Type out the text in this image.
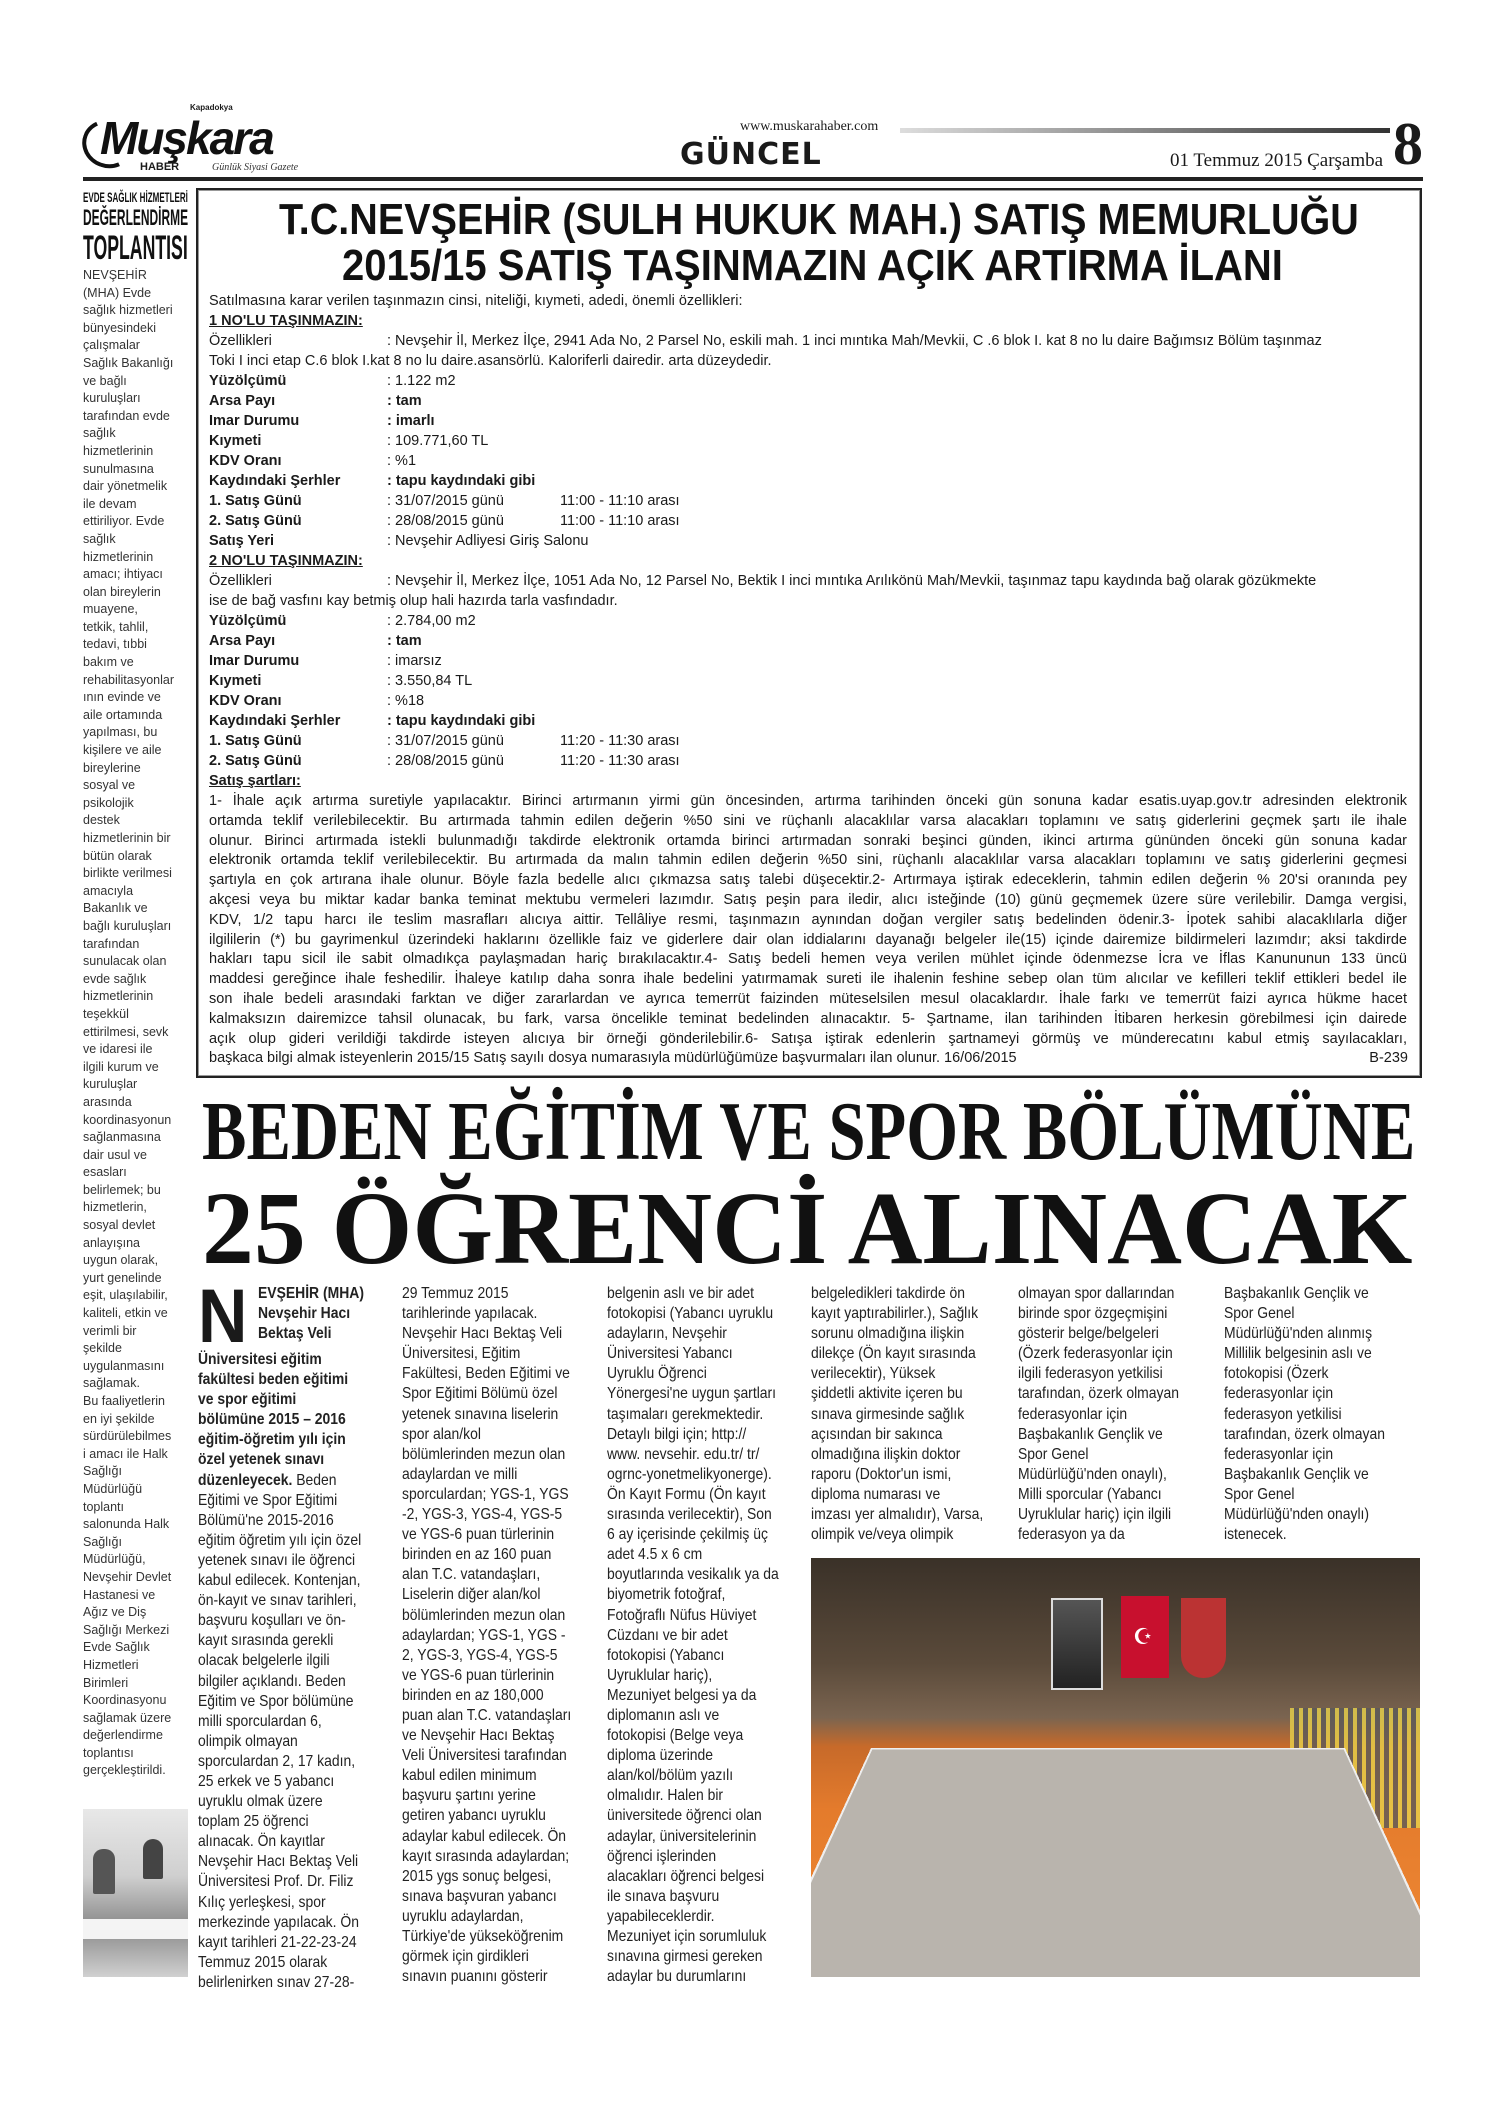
Kapadokya
Muşkara
HABER	Günlük Siyasi Gazete
www.muskarahaber.com
GÜNCEL	01 Temmuz 2015 Çarşamba 8
EVDE SAĞLIK HİZMETLERİ
DEĞERLENDİRME
TOPLANTISI
NEVŞEHİR
(MHA) Evde
sağlık hizmetleri
bünyesindeki
çalışmalar
Sağlık Bakanlığı
ve bağlı
kuruluşları
tarafından evde
sağlık
hizmetlerinin
sunulmasına
dair yönetmelik
ile devam
ettiriliyor. Evde
sağlık
hizmetlerinin
amacı; ihtiyacı
olan bireylerin
muayene,
tetkik, tahlil,
tedavi, tıbbi
bakım ve
rehabilitasyonlar
ının evinde ve
aile ortamında
yapılması, bu
kişilere ve aile
bireylerine
sosyal ve
psikolojik
destek
hizmetlerinin bir
bütün olarak
birlikte verilmesi
amacıyla
Bakanlık ve
bağlı kuruluşları
tarafından
sunulacak olan
evde sağlık
hizmetlerinin
teşekkül
ettirilmesi, sevk
ve idaresi ile
ilgili kurum ve
kuruluşlar
arasında
koordinasyonun
sağlanmasına
dair usul ve
esasları
belirlemek; bu
hizmetlerin,
sosyal devlet
anlayışına
uygun olarak,
yurt genelinde
eşit, ulaşılabilir,
kaliteli, etkin ve
verimli bir
şekilde
uygulanmasını
sağlamak.
Bu faaliyetlerin
en iyi şekilde
sürdürülebilmes
i amacı ile Halk
Sağlığı
Müdürlüğü
toplantı
salonunda Halk
Sağlığı
Müdürlüğü,
Nevşehir Devlet
Hastanesi ve
Ağız ve Diş
Sağlığı Merkezi
Evde Sağlık
Hizmetleri
Birimleri
Koordinasyonu
sağlamak üzere
değerlendirme
toplantısı
gerçekleştirildi.
T.C.NEVŞEHİR (SULH HUKUK MAH.) SATIŞ MEMURLUĞU
2015/15 SATIŞ TAŞINMAZIN AÇIK ARTIRMA İLANI
Satılmasına karar verilen taşınmazın cinsi, niteliği, kıymeti, adedi, önemli özellikleri:
1 NO'LU TAŞINMAZIN:
Özellikleri	: Nevşehir İl, Merkez İlçe, 2941 Ada No, 2 Parsel No, eskili mah. 1 inci mıntıka Mah/Mevkii, C .6 blok I. kat 8 no lu daire Bağımsız Bölüm taşınmaz
Toki I inci etap C.6 blok I.kat 8 no lu daire.asansörlü. Kaloriferli dairedir. arta düzeydedir.
Yüzölçümü	: 1.122 m2
Arsa Payı	: tam
Imar Durumu	: imarlı
Kıymeti	: 109.771,60 TL
KDV Oranı	: %1
Kaydındaki Şerhler	: tapu kaydındaki gibi
1. Satış Günü	: 31/07/2015 günü	11:00 - 11:10 arası
2. Satış Günü	: 28/08/2015 günü	11:00 - 11:10 arası
Satış Yeri	: Nevşehir Adliyesi Giriş Salonu
2 NO'LU TAŞINMAZIN:
Özellikleri	: Nevşehir İl, Merkez İlçe, 1051 Ada No, 12 Parsel No, Bektik I inci mıntıka Arılıkönü Mah/Mevkii, taşınmaz tapu kaydında bağ olarak gözükmekte
ise de bağ vasfını kay betmiş olup hali hazırda tarla vasfındadır.
Yüzölçümü	: 2.784,00 m2
Arsa Payı	: tam
Imar Durumu	: imarsız
Kıymeti	: 3.550,84 TL
KDV Oranı	: %18
Kaydındaki Şerhler	: tapu kaydındaki gibi
1. Satış Günü	: 31/07/2015 günü	11:20 - 11:30 arası
2. Satış Günü	: 28/08/2015 günü	11:20 - 11:30 arası
Satış şartları:
1- İhale açık artırma suretiyle yapılacaktır. Birinci artırmanın yirmi gün öncesinden, artırma tarihinden önceki gün sonuna kadar esatis.uyap.gov.tr adresinden elektronik
ortamda teklif verilebilecektir. Bu artırmada tahmin edilen değerin %50 sini ve rüçhanlı alacaklılar varsa alacakları toplamını ve satış giderlerini geçmek şartı ile ihale
olunur. Birinci artırmada istekli bulunmadığı takdirde elektronik ortamda birinci artırmadan sonraki beşinci günden, ikinci artırma gününden önceki gün sonuna kadar
elektronik ortamda teklif verilebilecektir. Bu artırmada da malın tahmin edilen değerin %50 sini, rüçhanlı alacaklılar varsa alacakları toplamını ve satış giderlerini geçmesi
şartıyla en çok artırana ihale olunur. Böyle fazla bedelle alıcı çıkmazsa satış talebi düşecektir.2- Artırmaya iştirak edeceklerin, tahmin edilen değerin % 20'si oranında pey
akçesi veya bu miktar kadar banka teminat mektubu vermeleri lazımdır. Satış peşin para iledir, alıcı isteğinde (10) günü geçmemek üzere süre verilebilir. Damga vergisi,
KDV, 1/2 tapu harcı ile teslim masrafları alıcıya aittir. Tellâliye resmi, taşınmazın aynından doğan vergiler satış bedelinden ödenir.3- İpotek sahibi alacaklılarla diğer
ilgililerin (*) bu gayrimenkul üzerindeki haklarını özellikle faiz ve giderlere dair olan iddialarını dayanağı belgeler ile(15) içinde dairemize bildirmeleri lazımdır; aksi takdirde
hakları tapu sicil ile sabit olmadıkça paylaşmadan hariç bırakılacaktır.4- Satış bedeli hemen veya verilen mühlet içinde ödenmezse İcra ve İflas Kanununun 133 üncü
maddesi gereğince ihale feshedilir. İhaleye katılıp daha sonra ihale bedelini yatırmamak sureti ile ihalenin feshine sebep olan tüm alıcılar ve kefilleri teklif ettikleri bedel ile
son ihale bedeli arasındaki farktan ve diğer zararlardan ve ayrıca temerrüt faizinden müteselsilen mesul olacaklardır. İhale farkı ve temerrüt faizi ayrıca hükme hacet
kalmaksızın dairemizce tahsil olunacak, bu fark, varsa öncelikle teminat bedelinden alınacaktır. 5- Şartname, ilan tarihinden İtibaren herkesin görebilmesi için dairede
açık olup gideri verildiği takdirde isteyen alıcıya bir örneği gönderilebilir.6- Satışa iştirak edenlerin şartnameyi görmüş ve münderecatını kabul etmiş sayılacakları,
başkaca bilgi almak isteyenlerin 2015/15 Satış sayılı dosya numarasıyla müdürlüğümüze başvurmaları ilan olunur. 16/06/2015	B-239
BEDEN EĞİTİM VE SPOR BÖLÜMÜNE
25 ÖĞRENCİ ALINACAK
N EVŞEHİR (MHA)
Nevşehir Hacı
Bektaş Veli
Üniversitesi eğitim
fakültesi beden eğitimi
ve spor eğitimi
bölümüne 2015 – 2016
eğitim-öğretim yılı için
özel yetenek sınavı
düzenleyecek. Beden
Eğitimi ve Spor Eğitimi
Bölümü'ne 2015-2016
eğitim öğretim yılı için özel
yetenek sınavı ile öğrenci
kabul edilecek. Kontenjan,
ön-kayıt ve sınav tarihleri,
başvuru koşulları ve ön-
kayıt sırasında gerekli
olacak belgelerle ilgili
bilgiler açıklandı. Beden
Eğitim ve Spor bölümüne
milli sporculardan 6,
olimpik olmayan
sporculardan 2, 17 kadın,
25 erkek ve 5 yabancı
uyruklu olmak üzere
toplam 25 öğrenci
alınacak. Ön kayıtlar
Nevşehir Hacı Bektaş Veli
Üniversitesi Prof. Dr. Filiz
Kılıç yerleşkesi, spor
merkezinde yapılacak. Ön
kayıt tarihleri 21-22-23-24
Temmuz 2015 olarak
belirlenirken sınav 27-28-
29 Temmuz 2015
tarihlerinde yapılacak.
Nevşehir Hacı Bektaş Veli
Üniversitesi, Eğitim
Fakültesi, Beden Eğitimi ve
Spor Eğitimi Bölümü özel
yetenek sınavına liselerin
spor alan/kol
bölümlerinden mezun olan
adaylardan ve milli
sporculardan; YGS-1, YGS
-2, YGS-3, YGS-4, YGS-5
ve YGS-6 puan türlerinin
birinden en az 160 puan
alan T.C. vatandaşları,
Liselerin diğer alan/kol
bölümlerinden mezun olan
adaylardan; YGS-1, YGS -
2, YGS-3, YGS-4, YGS-5
ve YGS-6 puan türlerinin
birinden en az 180,000
puan alan T.C. vatandaşları
ve Nevşehir Hacı Bektaş
Veli Üniversitesi tarafından
kabul edilen minimum
başvuru şartını yerine
getiren yabancı uyruklu
adaylar kabul edilecek. Ön
kayıt sırasında adaylardan;
2015 ygs sonuç belgesi,
sınava başvuran yabancı
uyruklu adaylardan,
Türkiye'de yükseköğrenim
görmek için girdikleri
sınavın puanını gösterir
belgenin aslı ve bir adet
fotokopisi (Yabancı uyruklu
adayların, Nevşehir
Üniversitesi Yabancı
Uyruklu Öğrenci
Yönergesi'ne uygun şartları
taşımaları gerekmektedir.
Detaylı bilgi için; http://
www. nevsehir. edu.tr/ tr/
ogrnc-yonetmelikyonerge).
Ön Kayıt Formu (Ön kayıt
sırasında verilecektir), Son
6 ay içerisinde çekilmiş üç
adet 4.5 x 6 cm
boyutlarında vesikalık ya da
biyometrik fotoğraf,
Fotoğraflı Nüfus Hüviyet
Cüzdanı ve bir adet
fotokopisi (Yabancı
Uyruklular hariç),
Mezuniyet belgesi ya da
diplomanın aslı ve
fotokopisi (Belge veya
diploma üzerinde
alan/kol/bölüm yazılı
olmalıdır. Halen bir
üniversitede öğrenci olan
adaylar, üniversitelerinin
öğrenci işlerinden
alacakları öğrenci belgesi
ile sınava başvuru
yapabileceklerdir.
Mezuniyet için sorumluluk
sınavına girmesi gereken
adaylar bu durumlarını
belgeledikleri takdirde ön
kayıt yaptırabilirler.), Sağlık
sorunu olmadığına ilişkin
dilekçe (Ön kayıt sırasında
verilecektir), Yüksek
şiddetli aktivite içeren bu
sınava girmesinde sağlık
açısından bir sakınca
olmadığına ilişkin doktor
raporu (Doktor'un ismi,
diploma numarası ve
imzası yer almalıdır), Varsa,
olimpik ve/veya olimpik
olmayan spor dallarından
birinde spor özgeçmişini
gösterir belge/belgeleri
(Özerk federasyonlar için
ilgili federasyon yetkilisi
tarafından, özerk olmayan
federasyonlar için
Başbakanlık Gençlik ve
Spor Genel
Müdürlüğü'nden onaylı),
Milli sporcular (Yabancı
Uyruklular hariç) için ilgili
federasyon ya da
Başbakanlık Gençlik ve
Spor Genel
Müdürlüğü'nden alınmış
Millilik belgesinin aslı ve
fotokopisi (Özerk
federasyonlar için
federasyon yetkilisi
tarafından, özerk olmayan
federasyonlar için
Başbakanlık Gençlik ve
Spor Genel
Müdürlüğü'nden onaylı)
istenecek.
☪
